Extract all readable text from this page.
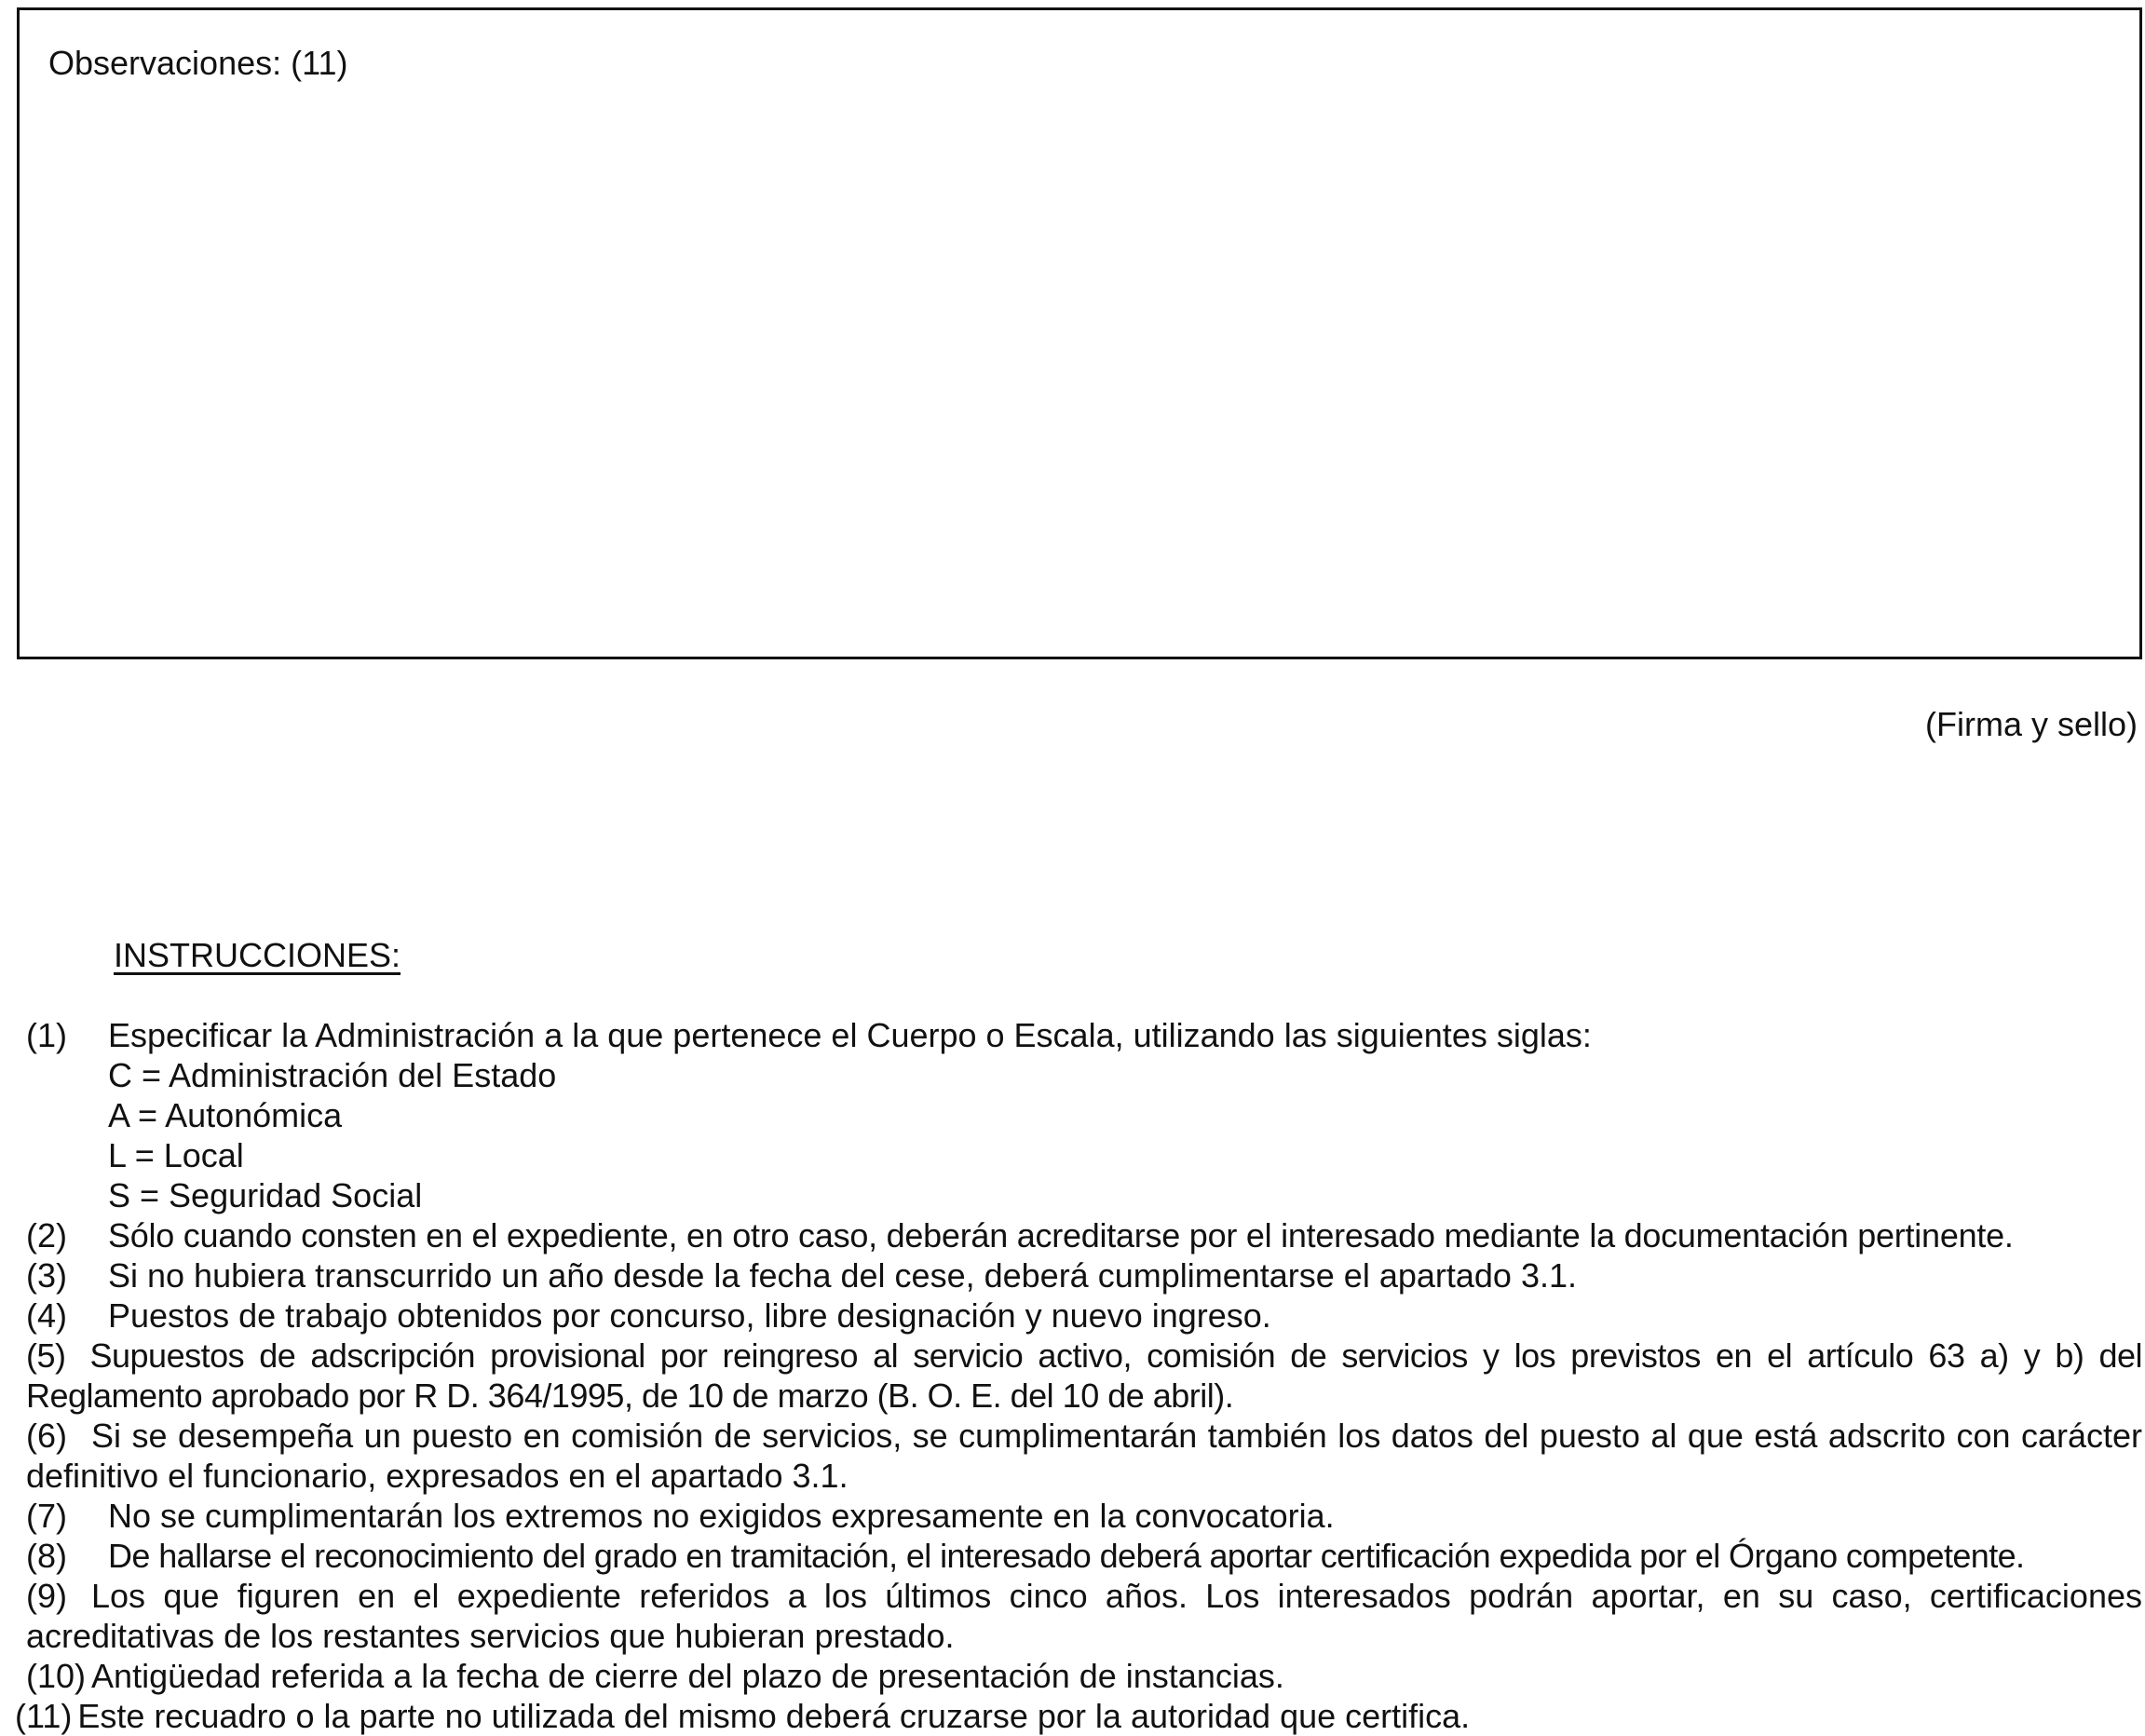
Observaciones: (11)
(Firma y sello)
INSTRUCCIONES:
(1) Especificar la Administración a la que pertenece el Cuerpo o Escala, utilizando las siguientes siglas:
C = Administración del Estado
A = Autonómica
L = Local
S = Seguridad Social
(2) Sólo cuando consten en el expediente, en otro caso, deberán acreditarse por el interesado mediante la documentación pertinente.
(3) Si no hubiera transcurrido un año desde la fecha del cese, deberá cumplimentarse el apartado 3.1.
(4) Puestos de trabajo obtenidos por concurso, libre designación y nuevo ingreso.
(5) Supuestos de adscripción provisional por reingreso al servicio activo, comisión de servicios y los previstos en el artículo 63 a) y b) del Reglamento aprobado por R D. 364/1995, de 10 de marzo (B. O. E. del 10 de abril).
(6) Si se desempeña un puesto en comisión de servicios, se cumplimentarán también los datos del puesto al que está adscrito con carácter definitivo el funcionario, expresados en el apartado 3.1.
(7) No se cumplimentarán los extremos no exigidos expresamente en la convocatoria.
(8) De hallarse el reconocimiento del grado en tramitación, el interesado deberá aportar certificación expedida por el Órgano competente.
(9) Los que figuren en el expediente referidos a los últimos cinco años. Los interesados podrán aportar, en su caso, certificaciones acreditativas de los restantes servicios que hubieran prestado.
(10) Antigüedad referida a la fecha de cierre del plazo de presentación de instancias.
(11) Este recuadro o la parte no utilizada del mismo deberá cruzarse por la autoridad que certifica.
